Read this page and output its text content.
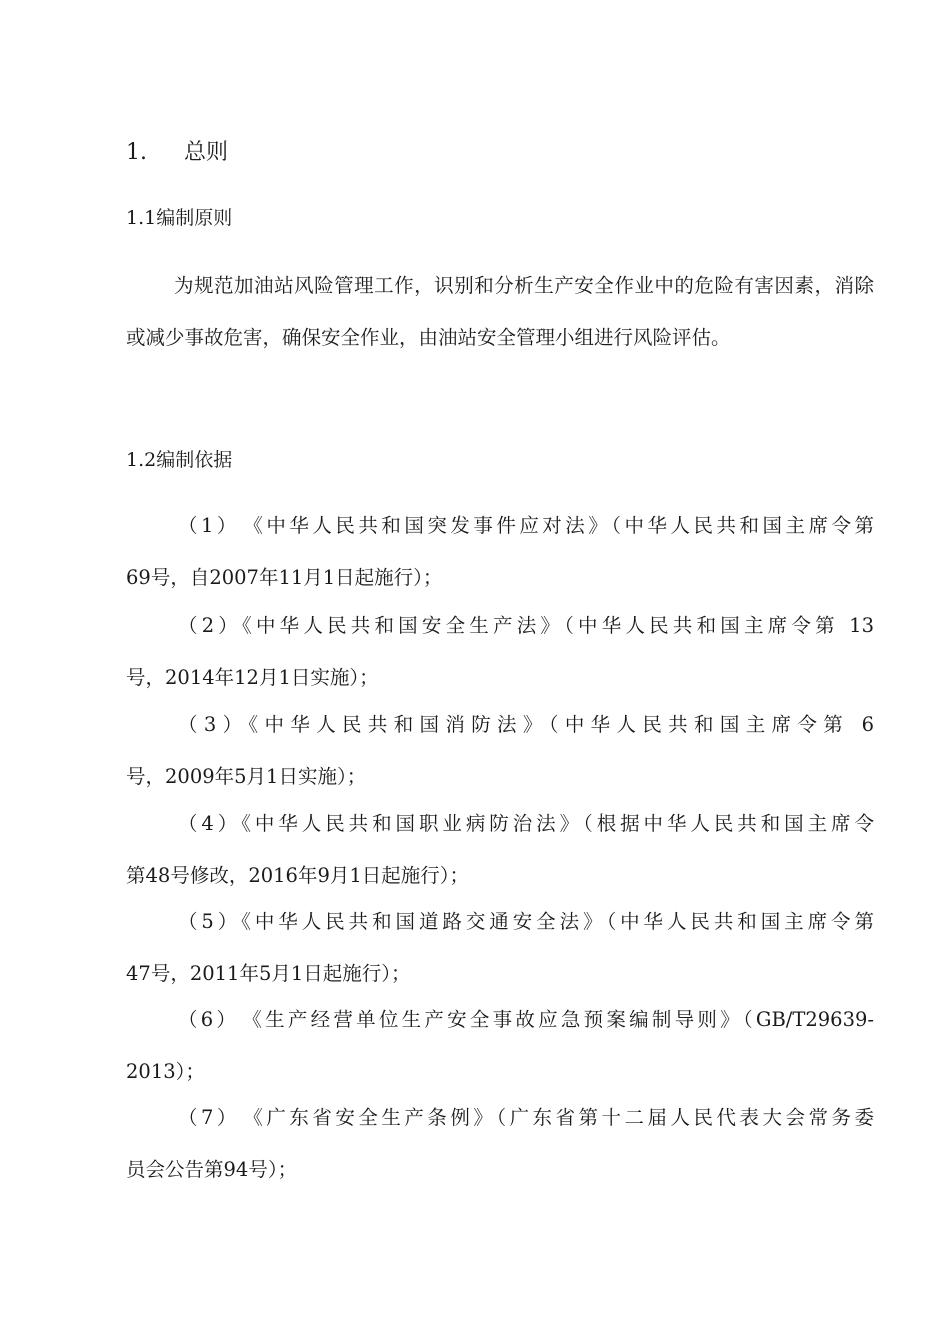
1. 总则
1.1编制原则

为规范加油站风险管理工作，识别和分析生产安全作业中的危险有害因素，消除或减少事故危害，确保安全作业，由油站安全管理小组进行风险评估。

1.2编制依据
（1）　《中华人民共和国突发事件应对法》（中华人民共和国主席令第
69号，自2007年11月1日起施行）；
（2）《中华人民共和国安全生产法》（中华人民共和国主席令第 13
号，2014年12月1日实施）；
（3）《中华人民共和国消防法》（中华人民共和国主席令第 6
号，2009年5月1日实施）；
（4）《中华人民共和国职业病防治法》（根据中华人民共和国主席令
第48号修改，2016年9月1日起施行）；
（5）《中华人民共和国道路交通安全法》（中华人民共和国主席令第
47号，2011年5月1日起施行）；
（6）　《生产经营单位生产安全事故应急预案编制导则》（GB/T29639-
2013）；
（7）　《广东省安全生产条例》（广东省第十二届人民代表大会常务委
员会公告第94号）；
